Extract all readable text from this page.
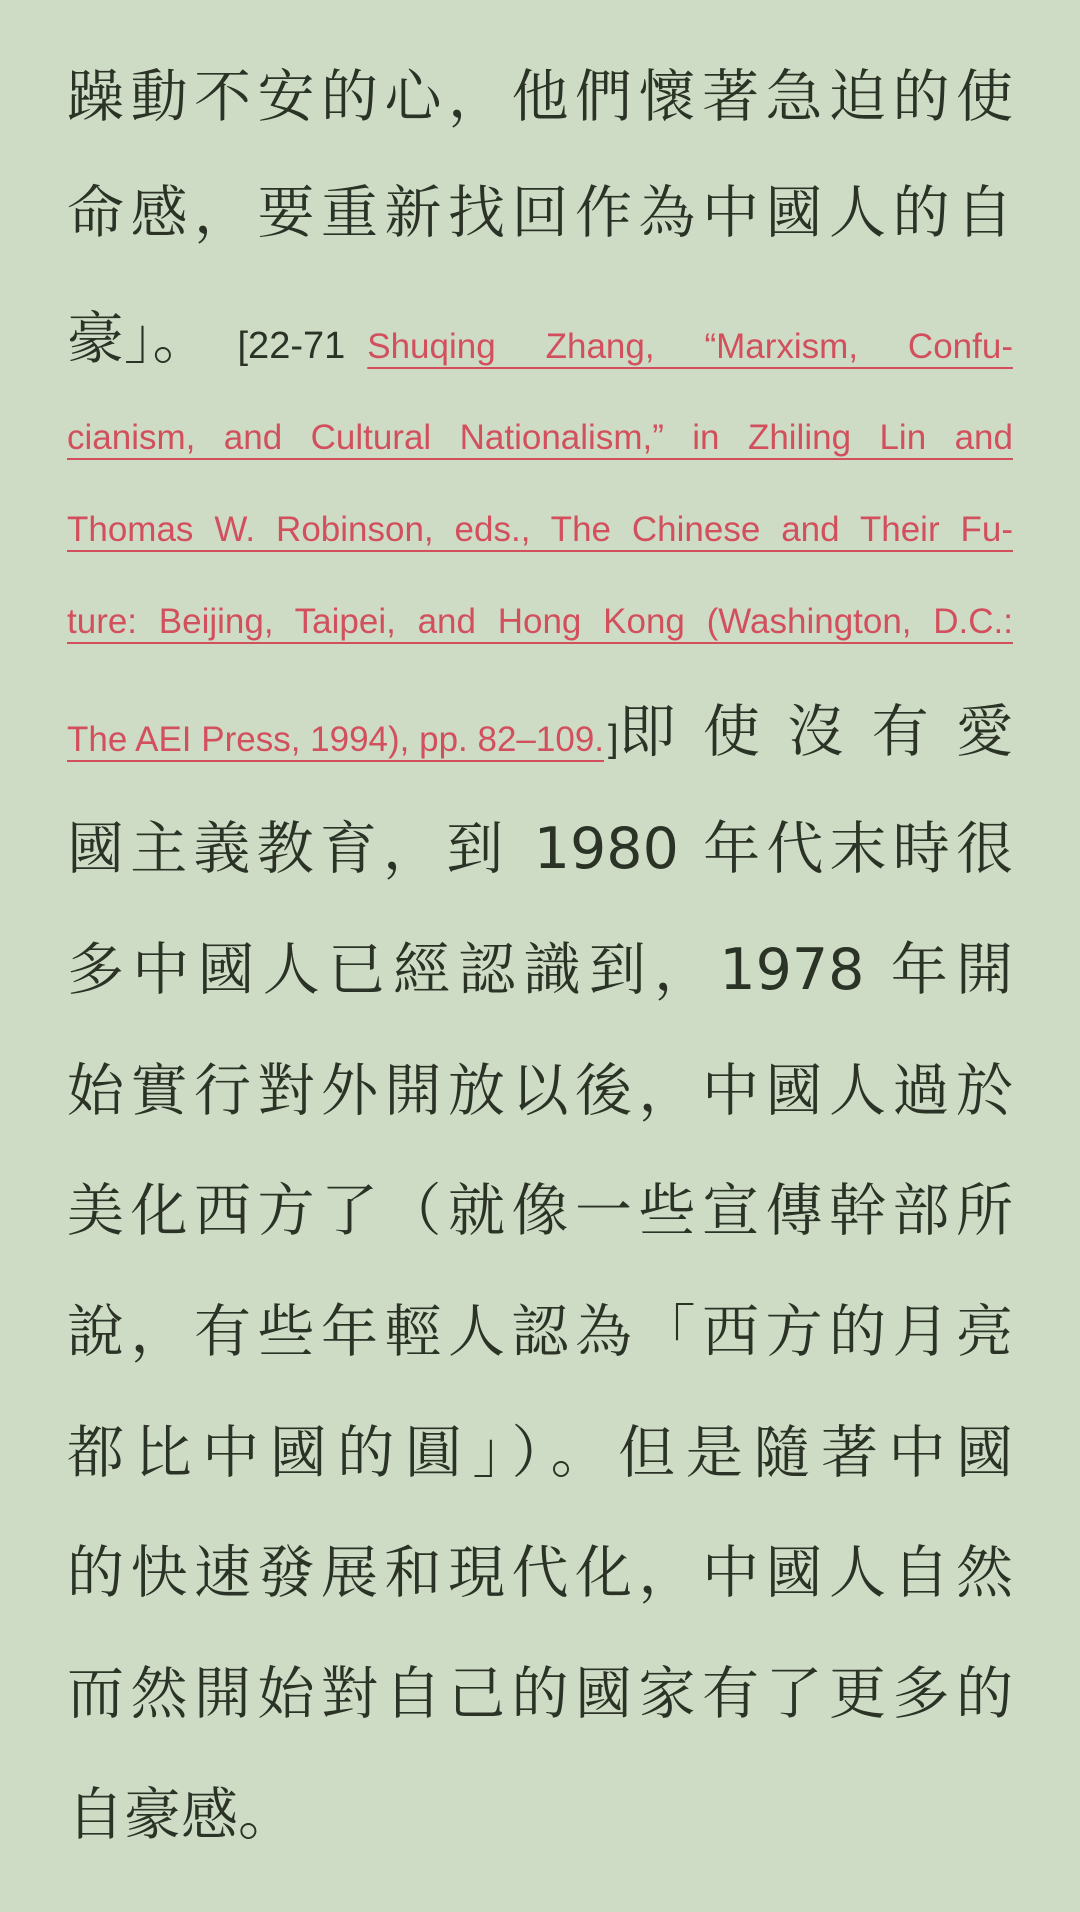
躁動不安的心，他們懷著急迫的使
命感，要重新找回作為中國人的自
豪」。 [22-71 Shuqing Zhang, “Marxism, Confu-
cianism, and Cultural Nationalism,” in Zhiling Lin and
Thomas W. Robinson, eds., The Chinese and Their Fu-
ture: Beijing, Taipei, and Hong Kong (Washington, D.C.:
The AEI Press, 1994), pp. 82–109. ] 即使沒有愛
國主義教育，到 1980 年代末時很
多中國人已經認識到，1978 年開
始實行對外開放以後，中國人過於
美化西方了（就像一些宣傳幹部所
說，有些年輕人認為「西方的月亮
都比中國的圓」）。但是隨著中國
的快速發展和現代化，中國人自然
而然開始對自己的國家有了更多的
自豪感。
